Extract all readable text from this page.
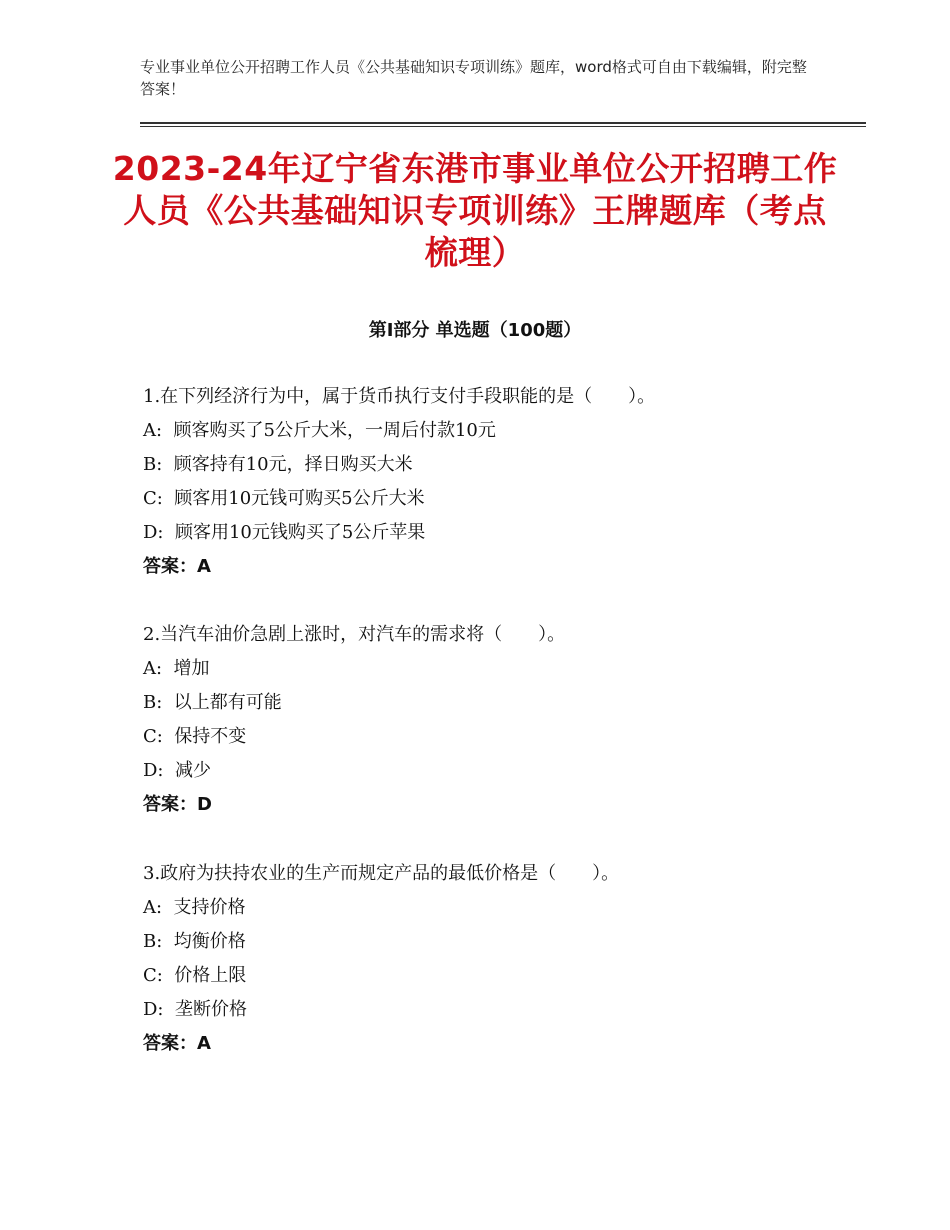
专业事业单位公开招聘工作人员《公共基础知识专项训练》题库，word格式可自由下载编辑，附完整答案！
2023-24年辽宁省东港市事业单位公开招聘工作人员《公共基础知识专项训练》王牌题库（考点梳理）
第Ⅰ部分 单选题（100题）
1.在下列经济行为中，属于货币执行支付手段职能的是（　　）。
A:  顾客购买了5公斤大米，一周后付款10元
B:  顾客持有10元，择日购买大米
C:  顾客用10元钱可购买5公斤大米
D:  顾客用10元钱购买了5公斤苹果
答案：A
2.当汽车油价急剧上涨时，对汽车的需求将（　　）。
A:  增加
B:  以上都有可能
C:  保持不变
D:  减少
答案：D
3.政府为扶持农业的生产而规定产品的最低价格是（　　）。
A:  支持价格
B:  均衡价格
C:  价格上限
D:  垄断价格
答案：A
